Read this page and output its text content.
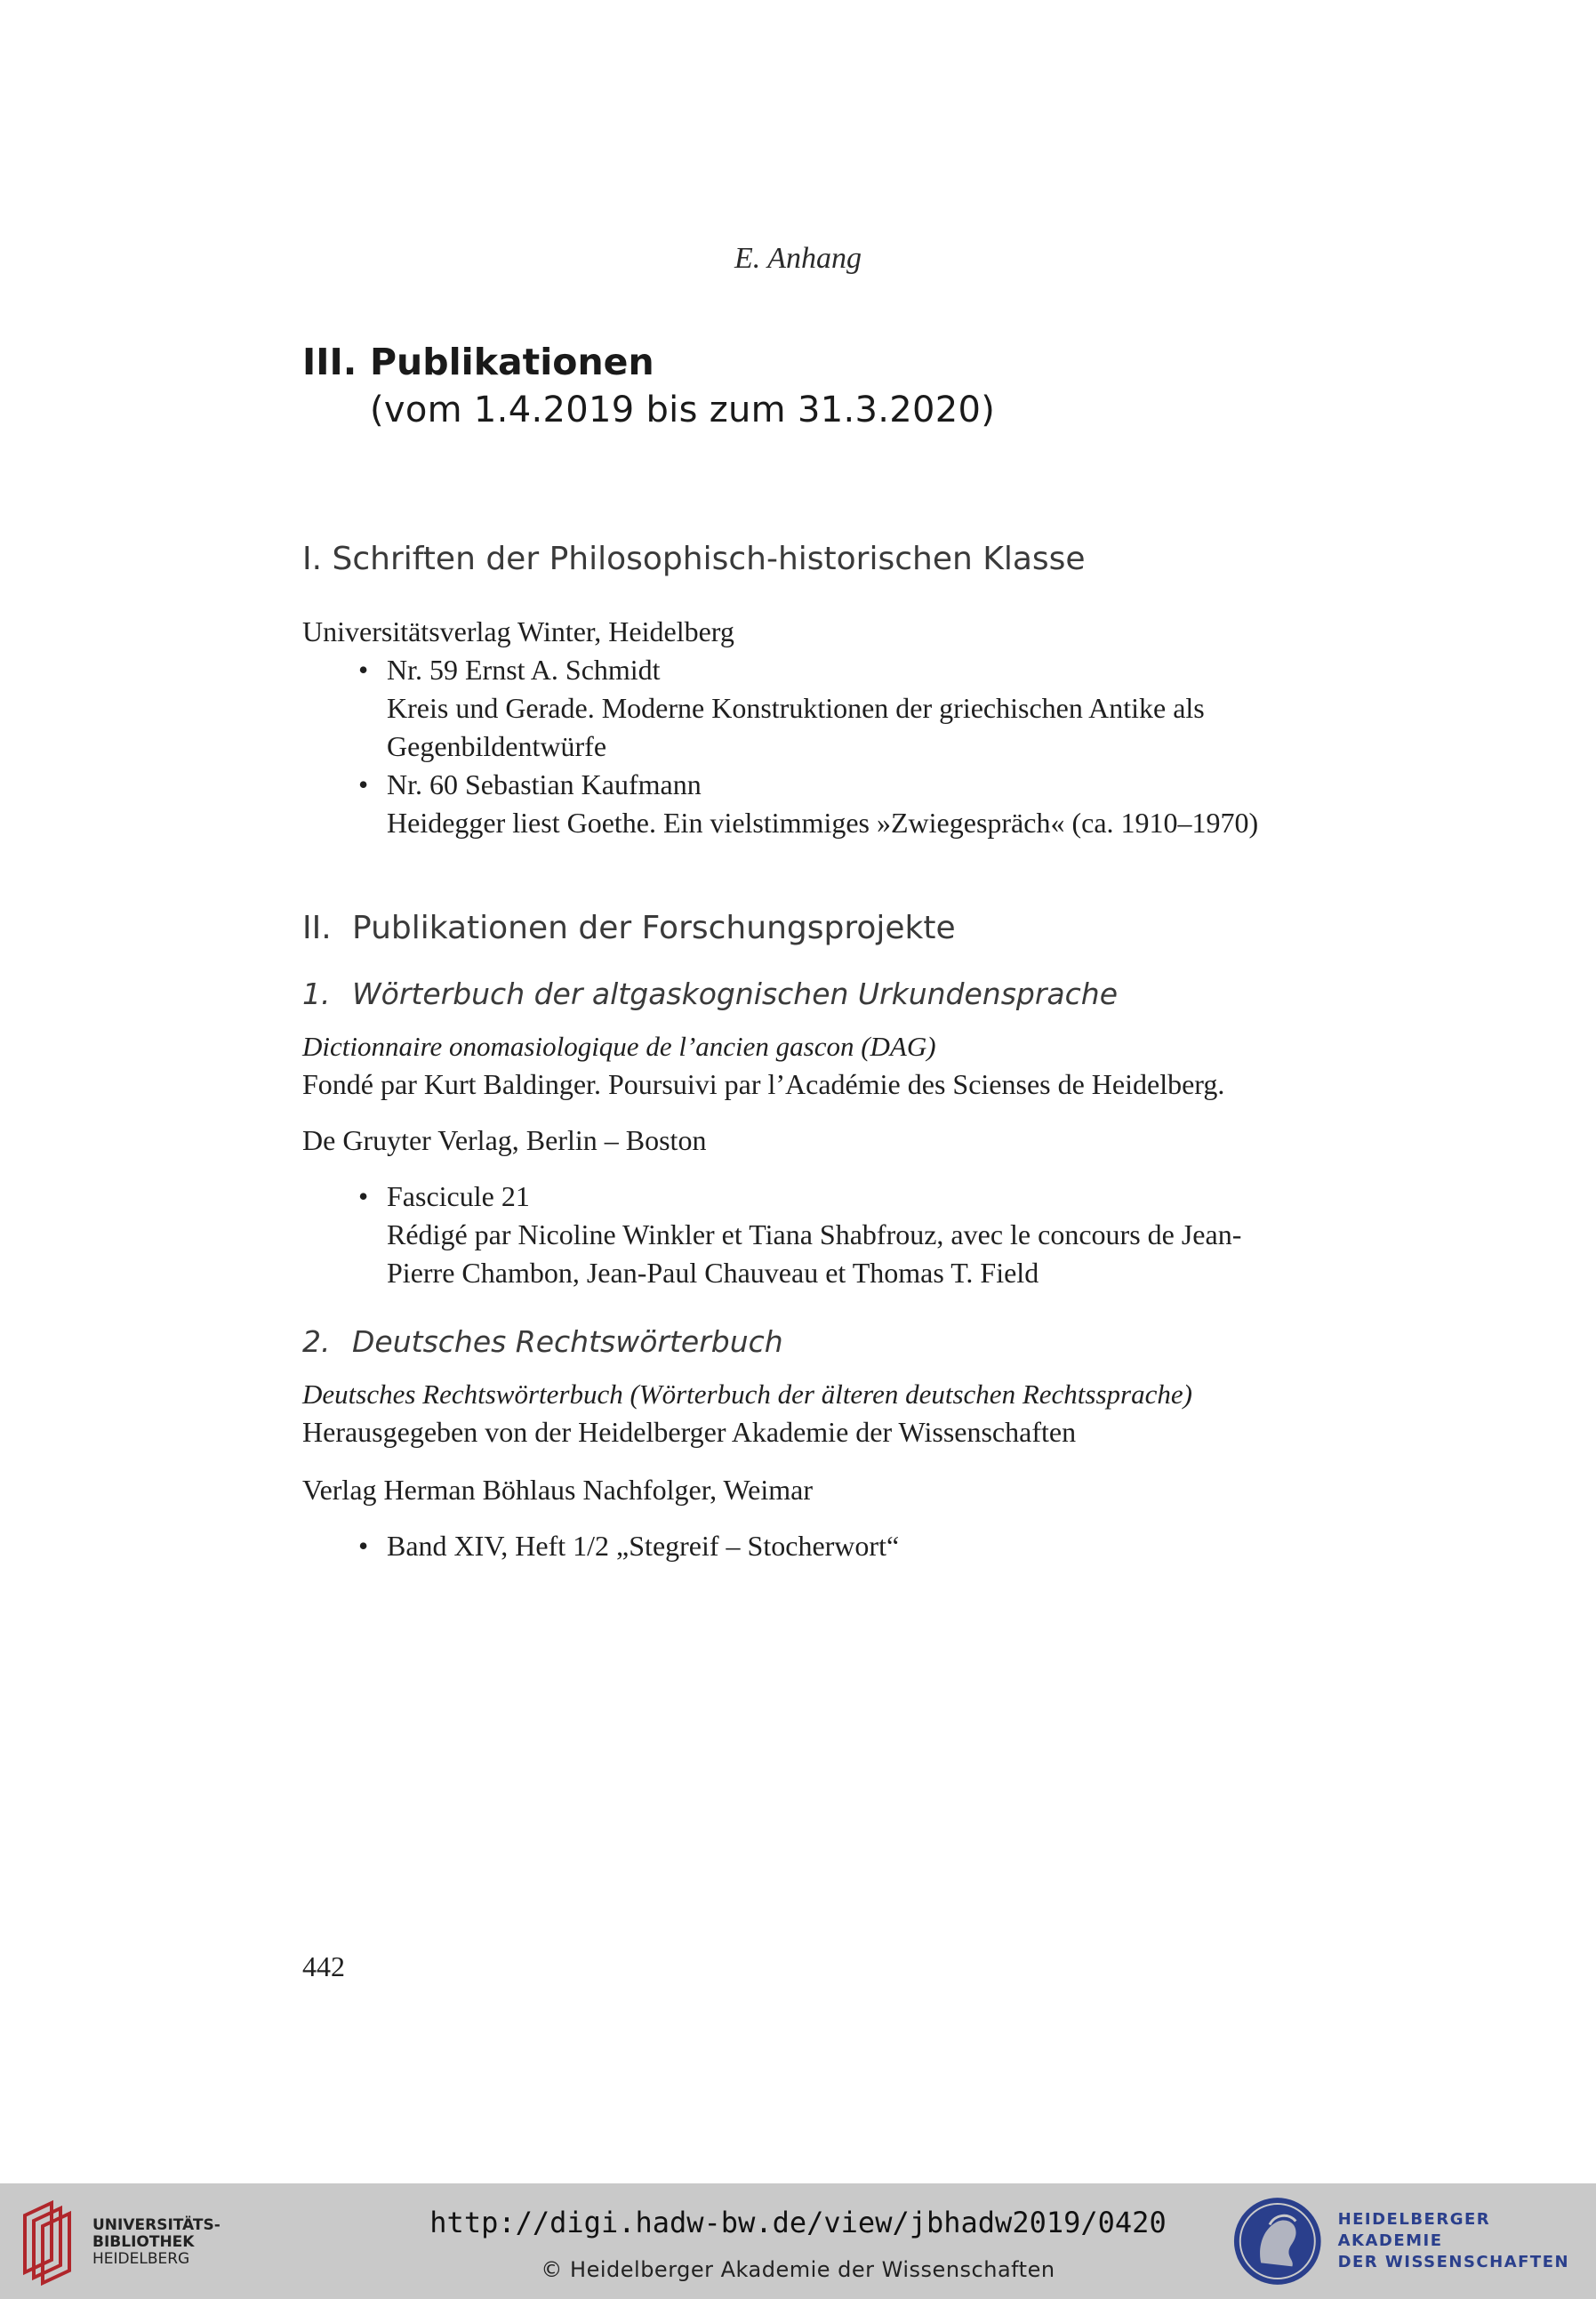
E. Anhang
III. Publikationen
(vom 1.4.2019 bis zum 31.3.2020)
I. Schriften der Philosophisch-historischen Klasse
Universitätsverlag Winter, Heidelberg
• Nr. 59 Ernst A. Schmidt
Kreis und Gerade. Moderne Konstruktionen der griechischen Antike als
Gegenbildentwürfe
• Nr. 60 Sebastian Kaufmann
Heidegger liest Goethe. Ein vielstimmiges »Zwiegespräch« (ca. 1910–1970)
II. Publikationen der Forschungsprojekte
1. Wörterbuch der altgaskognischen Urkundensprache
Dictionnaire onomasiologique de l’ancien gascon (DAG)
Fondé par Kurt Baldinger. Poursuivi par l’Académie des Scienses de Heidelberg.
De Gruyter Verlag, Berlin – Boston
• Fascicule 21
Rédigé par Nicoline Winkler et Tiana Shabfrouz, avec le concours de Jean-
Pierre Chambon, Jean-Paul Chauveau et Thomas T. Field
2. Deutsches Rechtswörterbuch
Deutsches Rechtswörterbuch (Wörterbuch der älteren deutschen Rechtssprache)
Herausgegeben von der Heidelberger Akademie der Wissenschaften
Verlag Herman Böhlaus Nachfolger, Weimar
• Band XIV, Heft 1/2 „Stegreif – Stocherwort“
442
UNIVERSITÄTS-
BIBLIOTHEK
HEIDELBERG
http://digi.hadw-bw.de/view/jbhadw2019/0420
© Heidelberger Akademie der Wissenschaften
HEIDELBERGER AKADEMIE
DER WISSENSCHAFTEN
